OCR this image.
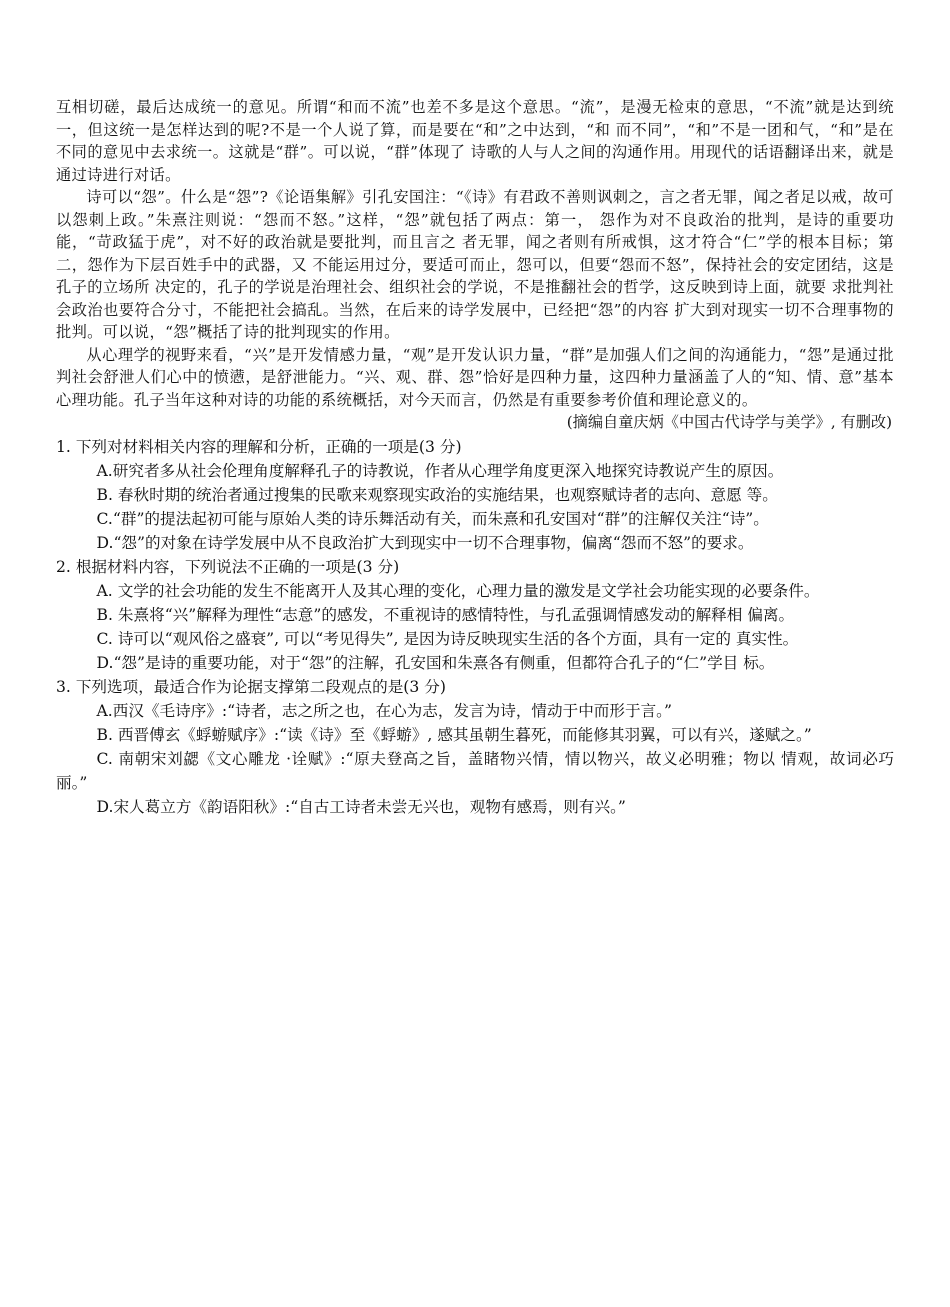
互相切磋，最后达成统一的意见。所谓“和而不流”也差不多是这个意思。“流”，是漫无检束的意思，“不流”就是达到统一，但这统一是怎样达到的呢?不是一个人说了算，而是要在“和”之中达到，“和 而不同”，“和”不是一团和气，“和”是在不同的意见中去求统一。这就是“群”。可以说，“群”体现了 诗歌的人与人之间的沟通作用。用现代的话语翻译出来，就是通过诗进行对话。

诗可以“怨”。什么是“怨”?《论语集解》引孔安国注：“《诗》有君政不善则讽刺之，言之者无罪，闻之者足以戒，故可以怨刺上政。”朱熹注则说：“怨而不怒。”这样，“怨”就包括了两点：第一， 怨作为对不良政治的批判，是诗的重要功能，“苛政猛于虎”，对不好的政治就是要批判，而且言之 者无罪，闻之者则有所戒惧，这才符合“仁”学的根本目标；第二，怨作为下层百姓手中的武器，又 不能运用过分，要适可而止，怨可以，但要“怨而不怒”，保持社会的安定团结，这是孔子的立场所 决定的，孔子的学说是治理社会、组织社会的学说，不是推翻社会的哲学，这反映到诗上面，就要 求批判社会政治也要符合分寸，不能把社会搞乱。当然，在后来的诗学发展中，已经把“怨”的内容 扩大到对现实一切不合理事物的批判。可以说，“怨”概括了诗的批判现实的作用。

从心理学的视野来看，“兴”是开发情感力量，“观”是开发认识力量，“群”是加强人们之间的沟通能力，“怨”是通过批判社会舒泄人们心中的愤懑，是舒泄能力。“兴、观、群、怨”恰好是四种力量，这四种力量涵盖了人的“知、情、意”基本心理功能。孔子当年这种对诗的功能的系统概括，对今天而言，仍然是有重要参考价值和理论意义的。

(摘编自童庆炳《中国古代诗学与美学》, 有删改)
1. 下列对材料相关内容的理解和分析，正确的一项是(3 分)
A.研究者多从社会伦理角度解释孔子的诗教说，作者从心理学角度更深入地探究诗教说产生的原因。
B. 春秋时期的统治者通过搜集的民歌来观察现实政治的实施结果，也观察赋诗者的志向、意愿 等。
C.“群”的提法起初可能与原始人类的诗乐舞活动有关，而朱熹和孔安国对“群”的注解仅关注“诗”。
D.“怨”的对象在诗学发展中从不良政治扩大到现实中一切不合理事物，偏离“怨而不怒”的要求。
2. 根据材料内容，下列说法不正确的一项是(3 分)
A. 文学的社会功能的发生不能离开人及其心理的变化，心理力量的激发是文学社会功能实现的必要条件。
B. 朱熹将“兴”解释为理性“志意”的感发，不重视诗的感情特性，与孔孟强调情感发动的解释相 偏离。
C. 诗可以“观风俗之盛衰”, 可以“考见得失”, 是因为诗反映现实生活的各个方面，具有一定的 真实性。
D.“怨”是诗的重要功能，对于“怨”的注解，孔安国和朱熹各有侧重，但都符合孔子的“仁”学目 标。
3. 下列选项，最适合作为论据支撑第二段观点的是(3 分)
A.西汉《毛诗序》:“诗者，志之所之也，在心为志，发言为诗，情动于中而形于言。”
B. 西晋傅玄《蜉蝣赋序》:“读《诗》至《蜉蝣》, 感其虽朝生暮死，而能修其羽翼，可以有兴，遂赋之。”
C. 南朝宋刘勰《文心雕龙 ·诠赋》:“原夫登高之旨，盖睹物兴情，情以物兴，故义必明雅；物以 情观，故词必巧丽。”
D.宋人葛立方《韵语阳秋》:“自古工诗者未尝无兴也，观物有感焉，则有兴。”
